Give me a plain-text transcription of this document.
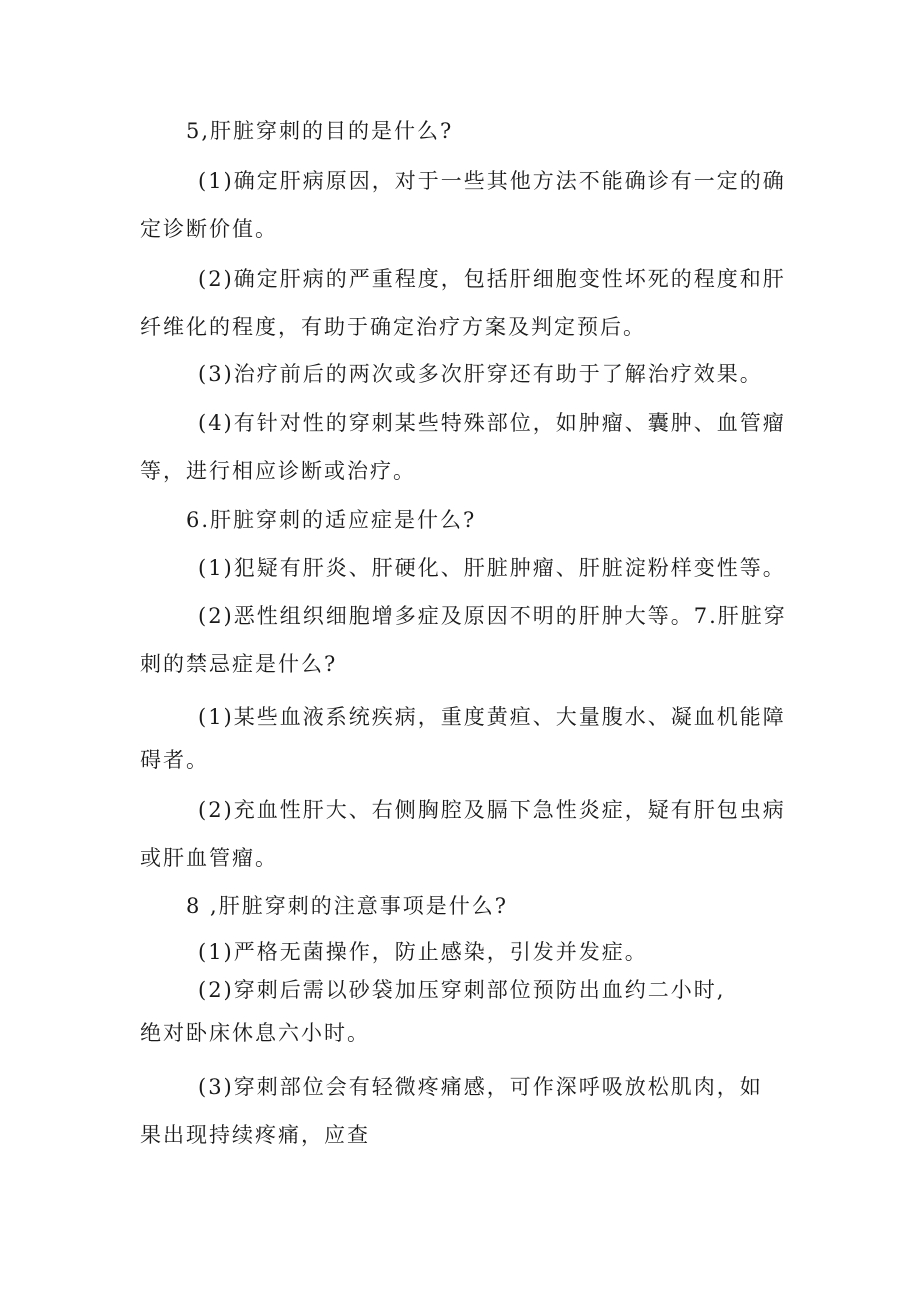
5,肝脏穿刺的目的是什么?
(1)确定肝病原因，对于一些其他方法不能确诊有一定的确
定诊断价值。
(2)确定肝病的严重程度，包括肝细胞变性坏死的程度和肝
纤维化的程度，有助于确定治疗方案及判定预后。
(3)治疗前后的两次或多次肝穿还有助于了解治疗效果。
(4)有针对性的穿刺某些特殊部位，如肿瘤、囊肿、血管瘤
等，进行相应诊断或治疗。
6.肝脏穿刺的适应症是什么?
(1)犯疑有肝炎、肝硬化、肝脏肿瘤、肝脏淀粉样变性等。
(2)恶性组织细胞增多症及原因不明的肝肿大等。7.肝脏穿
刺的禁忌症是什么?
(1)某些血液系统疾病，重度黄疸、大量腹水、凝血机能障
碍者。
(2)充血性肝大、右侧胸腔及膈下急性炎症，疑有肝包虫病
或肝血管瘤。
8 ,肝脏穿刺的注意事项是什么?
(1)严格无菌操作，防止感染，引发并发症。
(2)穿刺后需以砂袋加压穿刺部位预防出血约二小时,
绝对卧床休息六小时。
(3)穿刺部位会有轻微疼痛感，可作深呼吸放松肌肉，如
果出现持续疼痛，应查
